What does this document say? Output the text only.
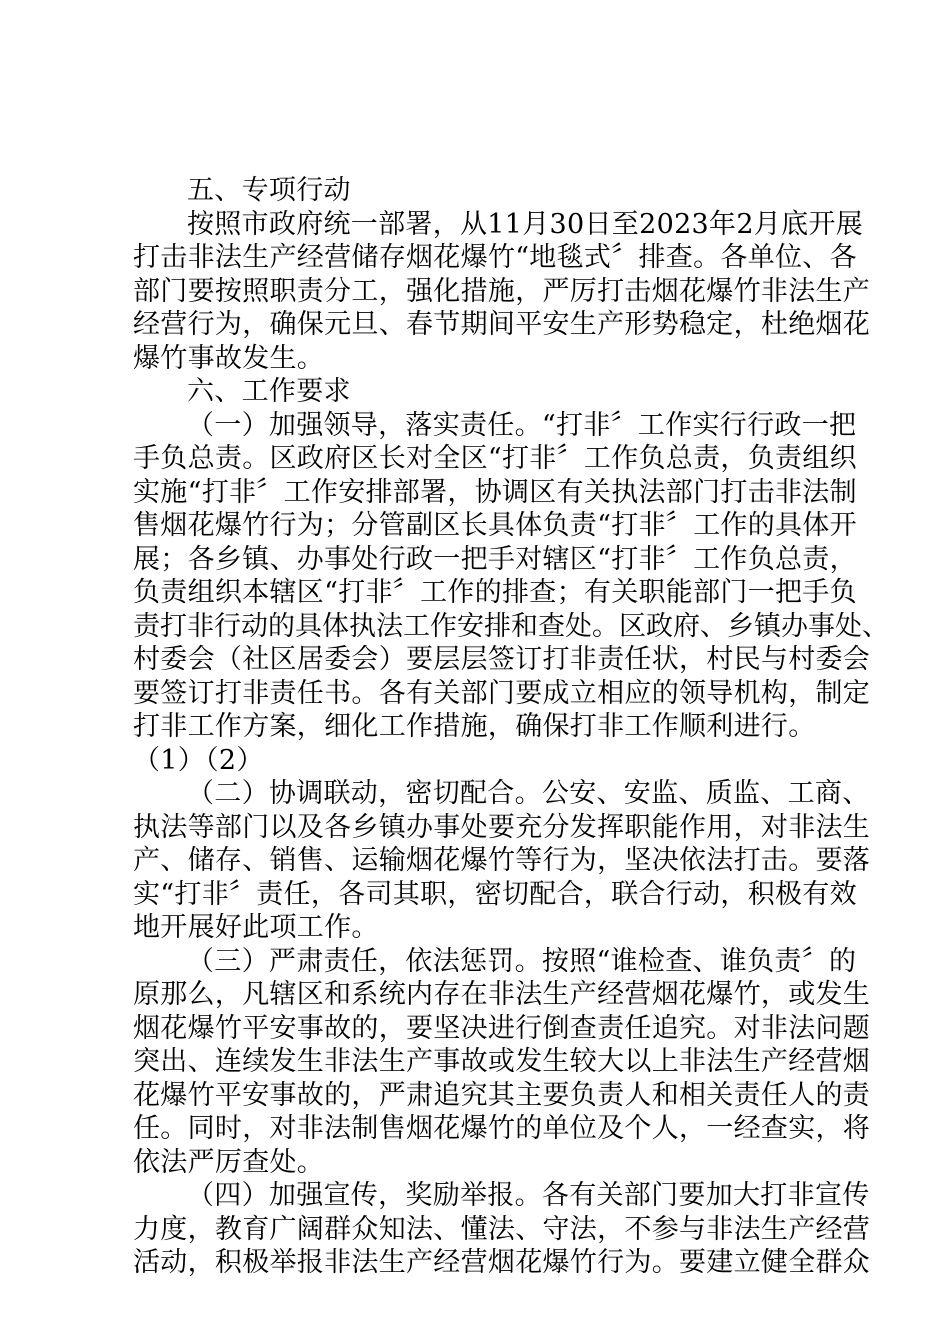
五、专项行动
按照市政府统一部署，从11月30日至2023年2月底开展
打击非法生产经营储存烟花爆竹“地毯式〞排查。各单位、各
部门要按照职责分工，强化措施，严厉打击烟花爆竹非法生产
经营行为，确保元旦、春节期间平安生产形势稳定，杜绝烟花
爆竹事故发生。
六、工作要求
（一）加强领导，落实责任。“打非〞工作实行行政一把
手负总责。区政府区长对全区“打非〞工作负总责，负责组织
实施“打非〞工作安排部署，协调区有关执法部门打击非法制
售烟花爆竹行为；分管副区长具体负责“打非〞工作的具体开
展；各乡镇、办事处行政一把手对辖区“打非〞工作负总责，
负责组织本辖区“打非〞工作的排查；有关职能部门一把手负
责打非行动的具体执法工作安排和查处。区政府、乡镇办事处、
村委会（社区居委会）要层层签订打非责任状，村民与村委会
要签订打非责任书。各有关部门要成立相应的领导机构，制定
打非工作方案，细化工作措施，确保打非工作顺利进行。
（1）（2）
（二）协调联动，密切配合。公安、安监、质监、工商、
执法等部门以及各乡镇办事处要充分发挥职能作用，对非法生
产、储存、销售、运输烟花爆竹等行为，坚决依法打击。要落
实“打非〞责任，各司其职，密切配合，联合行动，积极有效
地开展好此项工作。
（三）严肃责任，依法惩罚。按照“谁检查、谁负责〞的
原那么，凡辖区和系统内存在非法生产经营烟花爆竹，或发生
烟花爆竹平安事故的，要坚决进行倒查责任追究。对非法问题
突出、连续发生非法生产事故或发生较大以上非法生产经营烟
花爆竹平安事故的，严肃追究其主要负责人和相关责任人的责
任。同时，对非法制售烟花爆竹的单位及个人，一经查实，将
依法严厉查处。
（四）加强宣传，奖励举报。各有关部门要加大打非宣传
力度，教育广阔群众知法、懂法、守法，不参与非法生产经营
活动，积极举报非法生产经营烟花爆竹行为。要建立健全群众
